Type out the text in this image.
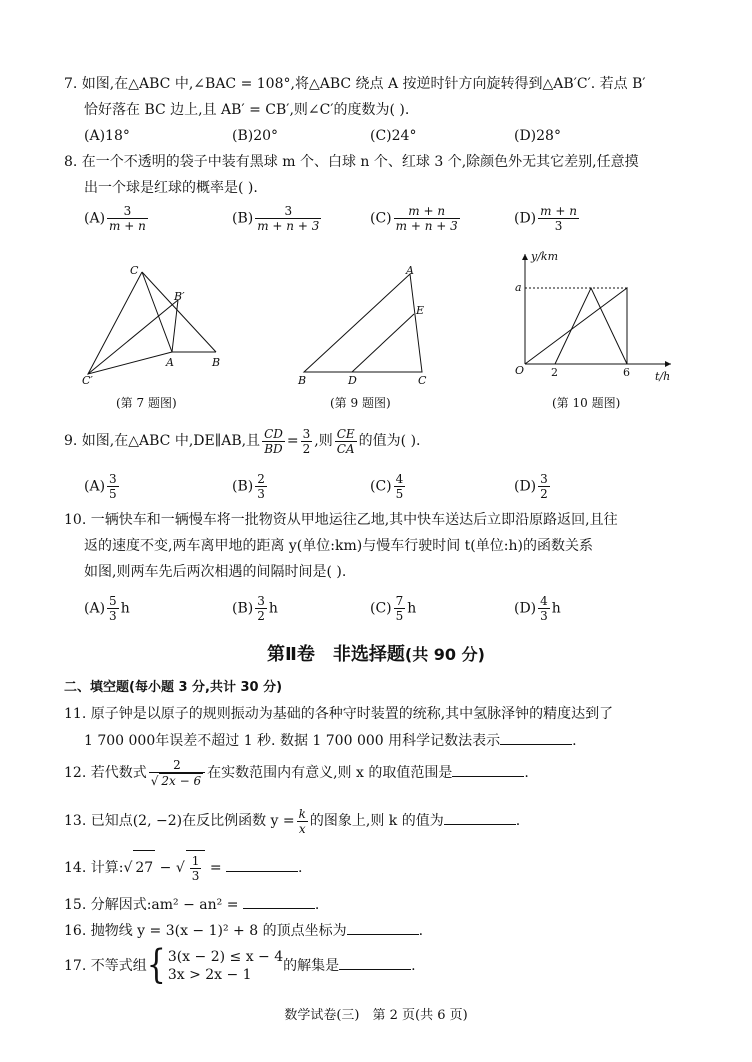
7. 如图,在△ABC 中,∠BAC = 108°,将△ABC 绕点 A 按逆时针方向旋转得到△AB′C′. 若点 B′
恰好落在 BC 边上,且 AB′ = CB′,则∠C′的度数为( ).
(A)18°	(B)20°	(C)24°	(D)28°
8. 在一个不透明的袋子中装有黑球 m 个、白球 n 个、红球 3 个,除颜色外无其它差别,任意摸
出一个球是红球的概率是( ).
$(A) \frac{3}{m + n}$	$(B) \frac{3}{m + n + 3}$	$(C) \frac{m + n}{m + n + 3}$	$(D) \frac{m + n}{3}$
C
B′
A	B
C′
(第 7 题图)
A
E
B	D	C
(第 9 题图)
y/km
a
O 2	6 t/h
(第 10 题图)
9. 如图,在△ABC 中,DE∥AB,且 $\frac{CD}{BD} = \frac{3}{2}$ ,则 $\frac{CE}{CA}$ 的值为( ).
$(A) \frac{3}{5}$	$(B) \frac{2}{3}$	$(C) \frac{4}{5}$	$(D) \frac{3}{2}$
10. 一辆快车和一辆慢车将一批物资从甲地运往乙地,其中快车送达后立即沿原路返回,且往
返的速度不变,两车离甲地的距离 y(单位:km)与慢车行驶时间 t(单位:h)的函数关系
如图,则两车先后两次相遇的间隔时间是( ).
$(A) \frac{5}{3}$ h	$(B) \frac{3}{2}$ h	$(C) \frac{7}{5}$ h	$(D) \frac{4}{3}$ h
第Ⅱ卷　非选择题(共 90 分)
二、填空题(每小题 3 分,共计 30 分)
11. 原子钟是以原子的规则振动为基础的各种守时装置的统称,其中氢脉泽钟的精度达到了
1 700 000年误差不超过 1 秒. 数据 1 700 000 用科学记数法表示	.
12. 若代数式 $\frac{2}{√ 2x - 6}$ 在实数范围内有意义,则 x 的取值范围是	.
13. 已知点(2, −2)在反比例函数 $y = \frac{k}{x}$ 的图象上,则 k 的值为	.
14. 计算:√ 27 − √ $\frac{1}{3}$ =	.
15. 分解因式:am² − an² =	.
16. 抛物线 y = 3(x − 1)² + 8 的顶点坐标为	.
17. 不等式组{ 3(x − 2) ≤ x − 4
3x > 2x − 1
的解集是	.
数学试卷(三)　第 2 页(共 6 页)
